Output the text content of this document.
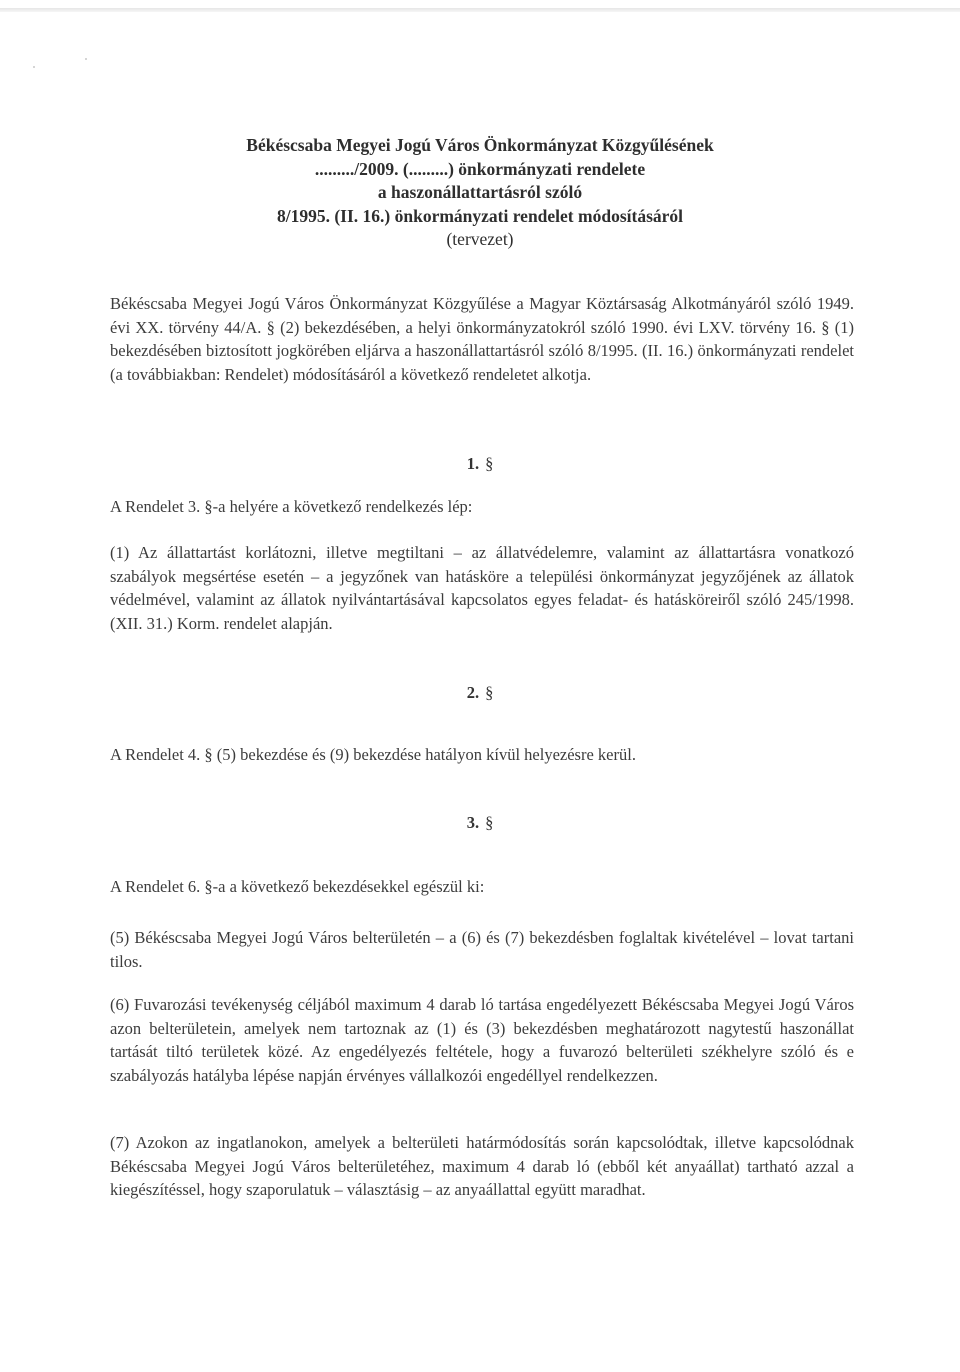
Békéscsaba Megyei Jogú Város Önkormányzat Közgyűlésének
........./2009. (.........) önkormányzati rendelete
a haszonállattartásról szóló
8/1995. (II. 16.) önkormányzati rendelet módosításáról
(tervezet)
Békéscsaba Megyei Jogú Város Önkormányzat Közgyűlése a Magyar Köztársaság Alkotmányáról szóló 1949. évi XX. törvény 44/A. § (2) bekezdésében, a helyi önkormányzatokról szóló 1990. évi LXV. törvény 16. § (1) bekezdésében biztosított jogkörében eljárva a haszonállattartásról szóló 8/1995. (II. 16.) önkormányzati rendelet (a továbbiakban: Rendelet) módosításáról a következő rendeletet alkotja.
1. §
A Rendelet 3. §-a helyére a következő rendelkezés lép:
(1) Az állattartást korlátozni, illetve megtiltani – az állatvédelemre, valamint az állattartásra vonatkozó szabályok megsértése esetén – a jegyzőnek van hatásköre a települési önkormányzat jegyzőjének az állatok védelmével, valamint az állatok nyilvántartásával kapcsolatos egyes feladat- és hatásköreiről szóló 245/1998. (XII. 31.) Korm. rendelet alapján.
2. §
A Rendelet 4. § (5) bekezdése és (9) bekezdése hatályon kívül helyezésre kerül.
3. §
A Rendelet 6. §-a a következő bekezdésekkel egészül ki:
(5) Békéscsaba Megyei Jogú Város belterületén – a (6) és (7) bekezdésben foglaltak kivételével – lovat tartani tilos.
(6) Fuvarozási tevékenység céljából maximum 4 darab ló tartása engedélyezett Békéscsaba Megyei Jogú Város azon belterületein, amelyek nem tartoznak az (1) és (3) bekezdésben meghatározott nagytestű haszonállat tartását tiltó területek közé. Az engedélyezés feltétele, hogy a fuvarozó belterületi székhelyre szóló és e szabályozás hatályba lépése napján érvényes vállalkozói engedéllyel rendelkezzen.
(7) Azokon az ingatlanokon, amelyek a belterületi határmódosítás során kapcsolódtak, illetve kapcsolódnak Békéscsaba Megyei Jogú Város belterületéhez, maximum 4 darab ló (ebből két anyaállat) tartható azzal a kiegészítéssel, hogy szaporulatuk – választásig – az anyaállattal együtt maradhat.
